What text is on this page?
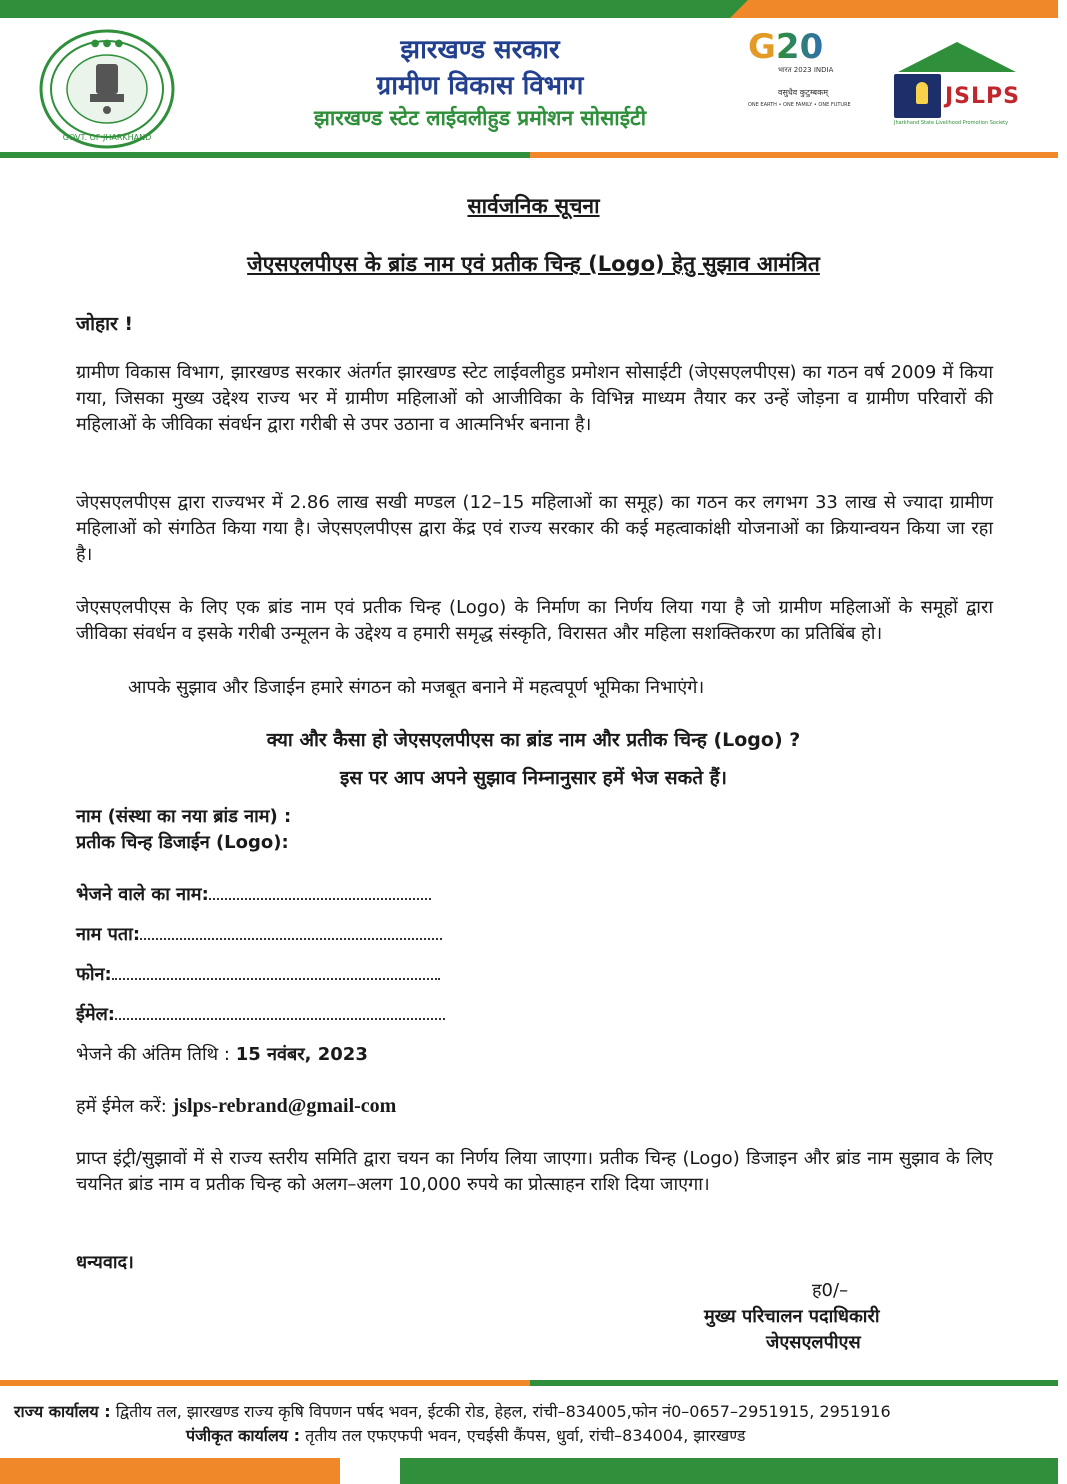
● ● ●
GOVT. OF JHARKHAND
झारखण्ड सरकार
ग्रामीण विकास विभाग
झारखण्ड स्टेट लाईवलीहुड प्रमोशन सोसाईटी
G20
भारत 2023 INDIA
वसुधैव कुटुम्बकम्
ONE EARTH • ONE FAMILY • ONE FUTURE	JSLPS
Jharkhand State Livelihood Promotion Society
सार्वजनिक सूचना
जेएसएलपीएस के ब्रांड नाम एवं प्रतीक चिन्ह (Logo) हेतु सुझाव आमंत्रित
जोहार !
ग्रामीण विकास विभाग, झारखण्ड सरकार अंतर्गत झारखण्ड स्टेट लाईवलीहुड प्रमोशन सोसाईटी (जेएसएलपीएस) का गठन वर्ष 2009 में किया गया, जिसका मुख्य उद्देश्य राज्य भर में ग्रामीण महिलाओं को आजीविका के विभिन्न माध्यम तैयार कर उन्हें जोड़ना व ग्रामीण परिवारों की महिलाओं के जीविका संवर्धन द्वारा गरीबी से उपर उठाना व आत्मनिर्भर बनाना है।
जेएसएलपीएस द्वारा राज्यभर में 2.86 लाख सखी मण्डल (12–15 महिलाओं का समूह) का गठन कर लगभग 33 लाख से ज्यादा ग्रामीण महिलाओं को संगठित किया गया है। जेएसएलपीएस द्वारा केंद्र एवं राज्य सरकार की कई महत्वाकांक्षी योजनाओं का क्रियान्वयन किया जा रहा है।
जेएसएलपीएस के लिए एक ब्रांड नाम एवं प्रतीक चिन्ह (Logo) के निर्माण का निर्णय लिया गया है जो ग्रामीण महिलाओं के समूहों द्वारा जीविका संवर्धन व इसके गरीबी उन्मूलन के उद्देश्य व हमारी समृद्ध संस्कृति, विरासत और महिला सशक्तिकरण का प्रतिबिंब हो।
आपके सुझाव और डिजाईन हमारे संगठन को मजबूत बनाने में महत्वपूर्ण भूमिका निभाएंगे।
क्या और कैसा हो जेएसएलपीएस का ब्रांड नाम और प्रतीक चिन्ह (Logo) ?
इस पर आप अपने सुझाव निम्नानुसार हमें भेज सकते हैं।
नाम (संस्था का नया ब्रांड नाम) :
प्रतीक चिन्ह डिजाईन (Logo):
भेजने वाले का नाम:
नाम पता:
फोन:
ईमेल:
भेजने की अंतिम तिथि : 15 नवंबर, 2023
हमें ईमेल करें: jslps-rebrand@gmail-com
प्राप्त इंट्री/सुझावों में से राज्य स्तरीय समिति द्वारा चयन का निर्णय लिया जाएगा। प्रतीक चिन्ह (Logo) डिजाइन और ब्रांड नाम सुझाव के लिए चयनित ब्रांड नाम व प्रतीक चिन्ह को अलग–अलग 10,000 रुपये का प्रोत्साहन राशि दिया जाएगा।
धन्यवाद।
ह0/–
मुख्य परिचालन पदाधिकारी
जेएसएलपीएस
राज्य कार्यालय : द्वितीय तल, झारखण्ड राज्य कृषि विपणन पर्षद भवन, ईटकी रोड, हेहल, रांची–834005,फोन नं0–0657–2951915, 2951916
पंजीकृत कार्यालय : तृतीय तल एफएफपी भवन, एचईसी कैंपस, धुर्वा, रांची–834004, झारखण्ड
